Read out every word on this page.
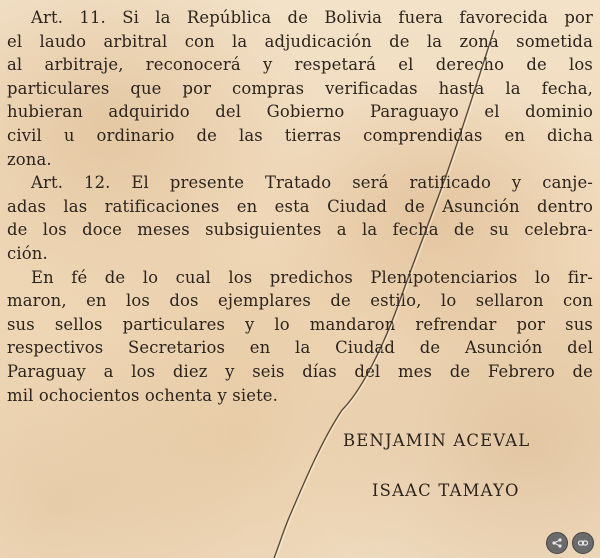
Art. 11. Si la República de Bolivia fuera favorecida por
el laudo arbitral con la adjudicación de la zona sometida
al arbitraje, reconocerá y respetará el derecho de los
particulares que por compras verificadas hasta la fecha,
hubieran adquirido del Gobierno Paraguayo el dominio
civil u ordinario de las tierras comprendidas en dicha
zona.
Art. 12. El presente Tratado será ratificado y canje-
adas las ratificaciones en esta Ciudad de Asunción dentro
de los doce meses subsiguientes a la fecha de su celebra-
ción.
En fé de lo cual los predichos Plenipotenciarios lo fir-
maron, en los dos ejemplares de estilo, lo sellaron con
sus sellos particulares y lo mandaron refrendar por sus
respectivos Secretarios en la Ciudad de Asunción del
Paraguay a los diez y seis días del mes de Febrero de
mil ochocientos ochenta y siete.
BENJAMIN ACEVAL
ISAAC TAMAYO
